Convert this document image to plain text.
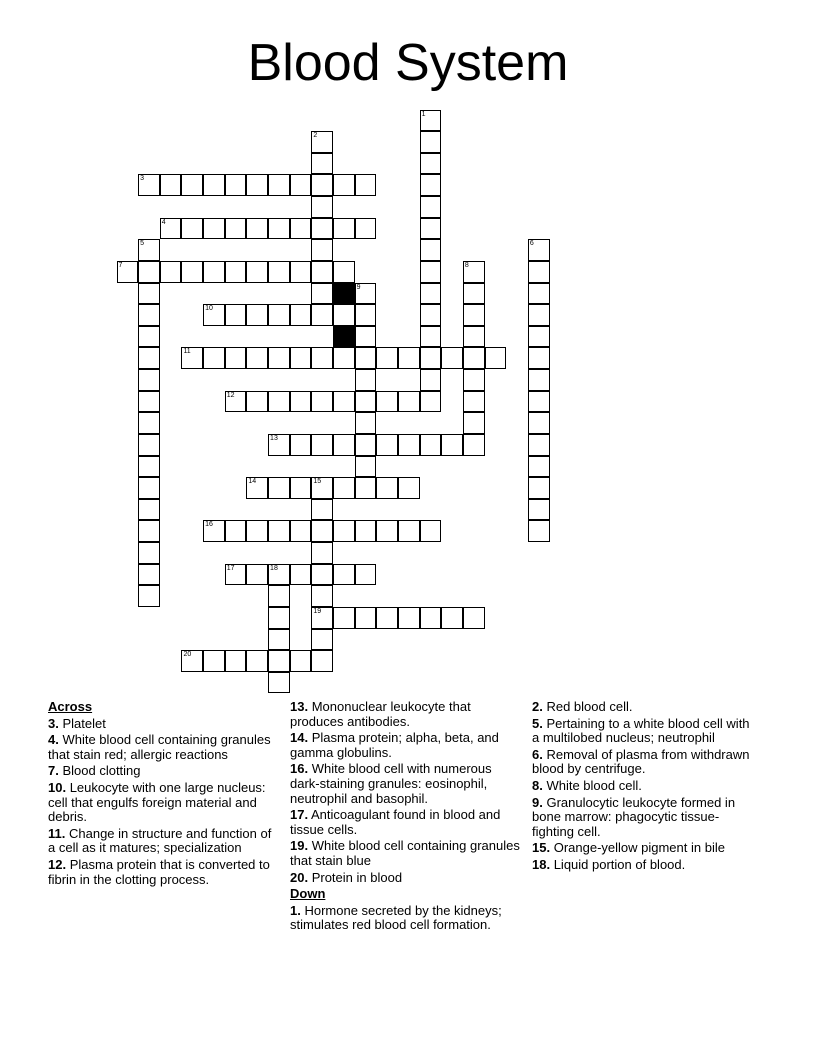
Blood System
3
4
7
10
11
12
13
14	15
16
17	18
19
20
1
2
5	6
8
9
Across
3. Platelet
4. White blood cell containing granules that stain red; allergic reactions
7. Blood clotting
10. Leukocyte with one large nucleus: cell that engulfs foreign material and debris.
11. Change in structure and function of a cell as it matures; specialization
12. Plasma protein that is converted to fibrin in the clotting process.
13. Mononuclear leukocyte that produces antibodies.
14. Plasma protein; alpha, beta, and gamma globulins.
16. White blood cell with numerous dark-staining granules: eosinophil, neutrophil and basophil.
17. Anticoagulant found in blood and tissue cells.
19. White blood cell containing granules that stain blue
20. Protein in blood
Down
1. Hormone secreted by the kidneys; stimulates red blood cell formation.
2. Red blood cell.
5. Pertaining to a white blood cell with a multilobed nucleus; neutrophil
6. Removal of plasma from withdrawn blood by centrifuge.
8. White blood cell.
9. Granulocytic leukocyte formed in bone marrow: phagocytic tissue-fighting cell.
15. Orange-yellow pigment in bile
18. Liquid portion of blood.
